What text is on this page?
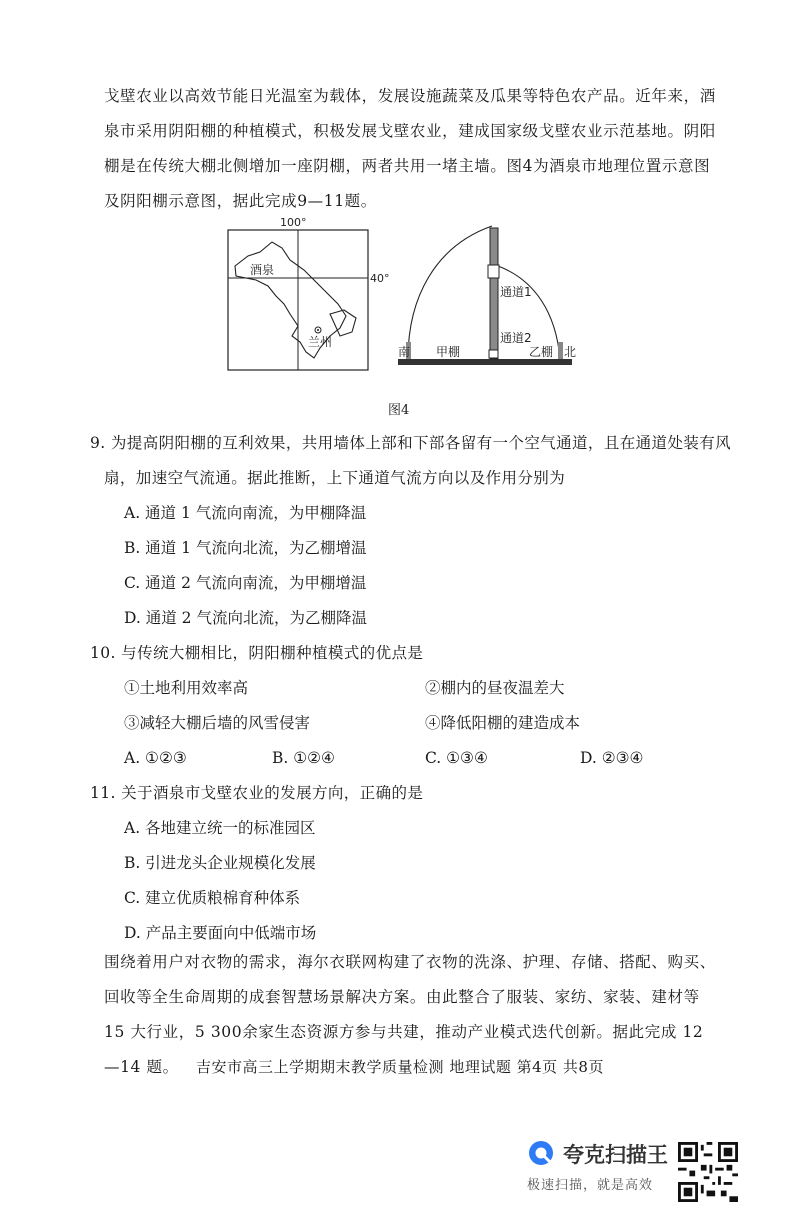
戈壁农业以高效节能日光温室为载体，发展设施蔬菜及瓜果等特色农产品。近年来，酒泉市采用阴阳棚的种植模式，积极发展戈壁农业，建成国家级戈壁农业示范基地。阴阳棚是在传统大棚北侧增加一座阴棚，两者共用一堵主墙。图4为酒泉市地理位置示意图及阴阳棚示意图，据此完成9—11题。
100°
40°
酒泉
兰州
南 甲棚
通道1
通道2
乙棚 北
图4
9. 为提高阴阳棚的互利效果，共用墙体上部和下部各留有一个空气通道，且在通道处装有风
扇，加速空气流通。据此推断，上下通道气流方向以及作用分别为
A. 通道 1 气流向南流，为甲棚降温
B. 通道 1 气流向北流，为乙棚增温
C. 通道 2 气流向南流，为甲棚增温
D. 通道 2 气流向北流，为乙棚降温
10. 与传统大棚相比，阴阳棚种植模式的优点是
①土地利用效率高	②棚内的昼夜温差大
③减轻大棚后墙的风雪侵害	④降低阳棚的建造成本
A. ①②③	B. ①②④	C. ①③④	D. ②③④
11. 关于酒泉市戈壁农业的发展方向，正确的是
A. 各地建立统一的标准园区
B. 引进龙头企业规模化发展
C. 建立优质粮棉育种体系
D. 产品主要面向中低端市场
围绕着用户对衣物的需求，海尔衣联网构建了衣物的洗涤、护理、存储、搭配、购买、回收等全生命周期的成套智慧场景解决方案。由此整合了服装、家纺、家装、建材等 15 大行业，5 300余家生态资源方参与共建，推动产业模式迭代创新。据此完成 12—14 题。	吉安市高三上学期期末教学质量检测 地理试题 第4页 共8页
夸克扫描王
极速扫描，就是高效
